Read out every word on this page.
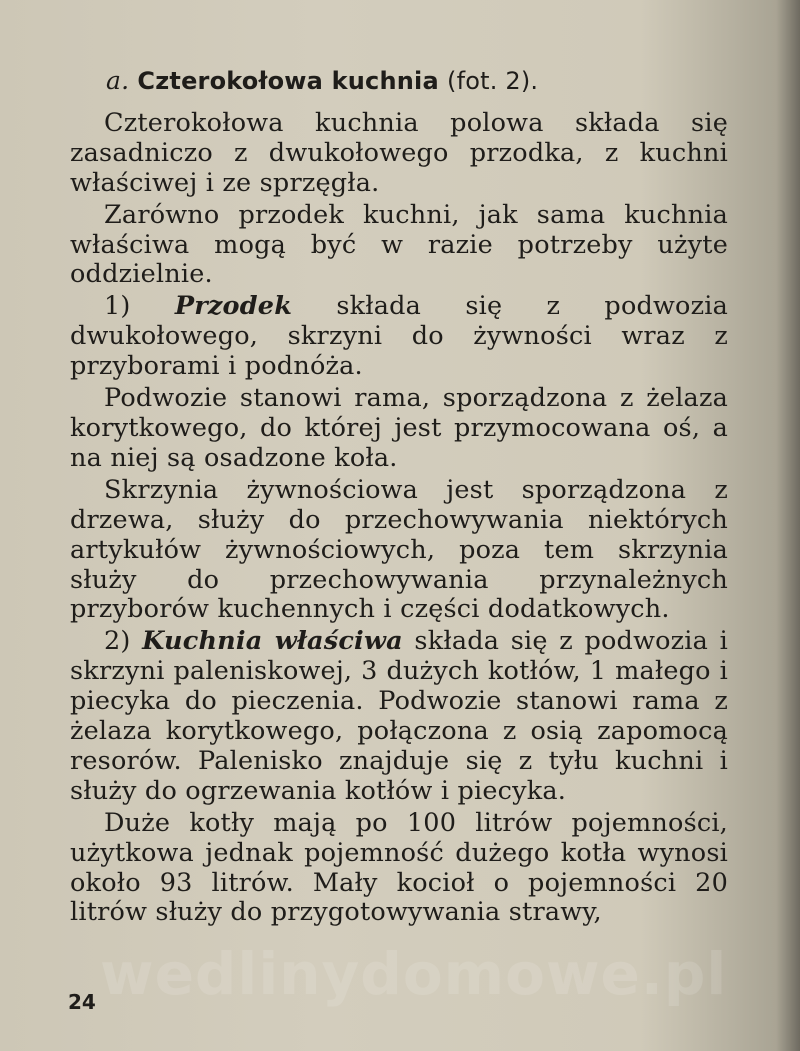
wedlinydomowe.pl
a. Czterokołowa kuchnia (fot. 2).

Czterokołowa kuchnia polowa składa się zasadniczo z dwukołowego przodka, z kuchni właściwej i ze sprzęgła.

Zarówno przodek kuchni, jak sama kuchnia właściwa mogą być w razie potrzeby użyte oddzielnie.

1) Przodek składa się z podwozia dwukołowego, skrzyni do żywności wraz z przyborami i podnóża.

Podwozie stanowi rama, sporządzona z żelaza korytkowego, do której jest przymocowana oś, a na niej są osadzone koła.

Skrzynia żywnościowa jest sporządzona z drzewa, służy do przechowywania niektórych artykułów żywnościowych, poza tem skrzynia służy do przechowywania przynależnych przyborów kuchennych i części dodatkowych.

2) Kuchnia właściwa składa się z podwozia i skrzyni paleniskowej, 3 dużych kotłów, 1 małego i piecyka do pieczenia. Podwozie stanowi rama z żelaza korytkowego, połączona z osią zapomocą resorów. Palenisko znajduje się z tyłu kuchni i służy do ogrzewania kotłów i piecyka.

Duże kotły mają po 100 litrów pojemności, użytkowa jednak pojemność dużego kotła wynosi około 93 litrów. Mały kocioł o pojemności 20 litrów służy do przygotowywania strawy,

24
